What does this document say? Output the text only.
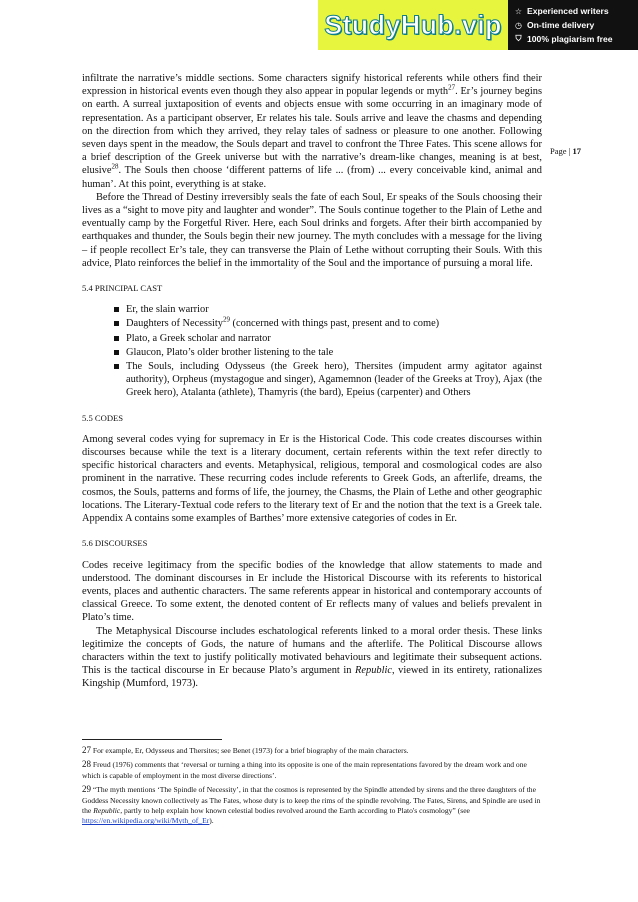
StudyHub.vip ☆ Experienced writers
◷ On-time delivery
⛉ 100% plagiarism free
Page | 17

infiltrate the narrative’s middle sections. Some characters signify historical referents while others find their expression in historical events even though they also appear in popular legends or myth$^{27}$. Er’s journey begins on earth. A surreal juxtaposition of events and objects ensue with some occurring in an imaginary mode of representation. As a participant observer, Er relates his tale. Souls arrive and leave the chasms and depending on the direction from which they arrived, they relay tales of sadness or pleasure to one another. Following seven days spent in the meadow, the Souls depart and travel to confront the Three Fates. This scene allows for a brief description of the Greek universe but with the narrative’s dream-like changes, meaning is at best, elusive$^{28}$. The Souls then choose ‘different patterns of life ... (from) ... every conceivable kind, animal and human’. At this point, everything is at stake.

Before the Thread of Destiny irreversibly seals the fate of each Soul, Er speaks of the Souls choosing their lives as a “sight to move pity and laughter and wonder”. The Souls continue together to the Plain of Lethe and eventually camp by the Forgetful River. Here, each Soul drinks and forgets. After their birth accompanied by earthquakes and thunder, the Souls begin their new journey. The myth concludes with a message for the living – if people recollect Er’s tale, they can transverse the Plain of Lethe without corrupting their Souls. With this advice, Plato reinforces the belief in the immortality of the Soul and the importance of pursuing a moral life.

5.4 PRINCIPAL CAST

Er, the slain warrior
Daughters of Necessity$^{29}$ (concerned with things past, present and to come)
Plato, a Greek scholar and narrator
Glaucon, Plato’s older brother listening to the tale
The Souls, including Odysseus (the Greek hero), Thersites (impudent army agitator against authority), Orpheus (mystagogue and singer), Agamemnon (leader of the Greeks at Troy), Ajax (the Greek hero), Atalanta (athlete), Thamyris (the bard), Epeius (carpenter) and Others

5.5 CODES

Among several codes vying for supremacy in Er is the Historical Code. This code creates discourses within discourses because while the text is a literary document, certain referents within the text refer directly to specific historical characters and events. Metaphysical, religious, temporal and cosmological codes are also prominent in the narrative. These recurring codes include referents to Greek Gods, an afterlife, dreams, the cosmos, the Souls, patterns and forms of life, the journey, the Chasms, the Plain of Lethe and other geographic locations. The Literary-Textual code refers to the literary text of Er and the notion that the text is a Greek tale. Appendix A contains some examples of Barthes’ more extensive categories of codes in Er.

5.6 DISCOURSES

Codes receive legitimacy from the specific bodies of the knowledge that allow statements to made and understood. The dominant discourses in Er include the Historical Discourse with its referents to historical events, places and authentic characters. The same referents appear in historical and contemporary accounts of classical Greece. To some extent, the denoted content of Er reflects many of values and beliefs prevalent in Plato’s time.

The Metaphysical Discourse includes eschatological referents linked to a moral order thesis. These links legitimize the concepts of Gods, the nature of humans and the afterlife. The Political Discourse allows characters within the text to justify politically motivated behaviours and legitimate their subsequent actions. This is the tactical discourse in Er because Plato’s argument in Republic, viewed in its entirety, rationalizes Kingship (Mumford, 1973).

27 For example, Er, Odysseus and Thersites; see Benet (1973) for a brief biography of the main characters.

28 Freud (1976) comments that ‘reversal or turning a thing into its opposite is one of the main representations favored by the dream work and one which is capable of employment in the most diverse directions’.

29 “The myth mentions ‘The Spindle of Necessity’, in that the cosmos is represented by the Spindle attended by sirens and the three daughters of the Goddess Necessity known collectively as The Fates, whose duty is to keep the rims of the spindle revolving. The Fates, Sirens, and Spindle are used in the Republic, partly to help explain how known celestial bodies revolved around the Earth according to Plato's cosmology” (see https://en.wikipedia.org/wiki/Myth_of_Er).
